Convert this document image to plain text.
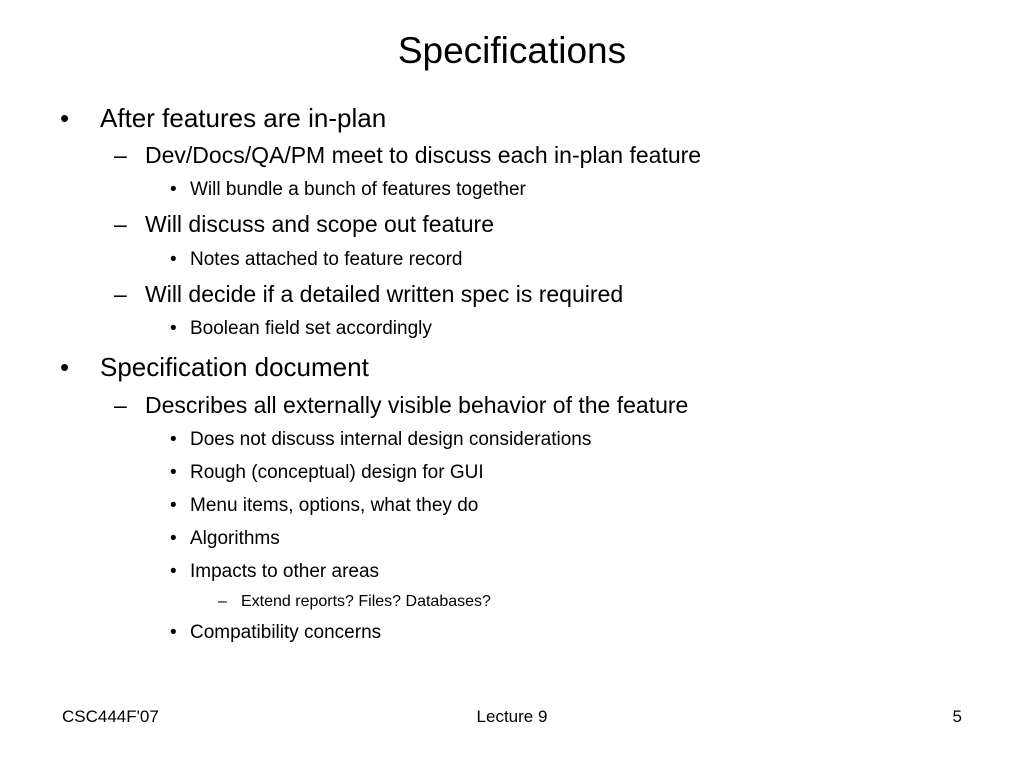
Specifications
• After features are in-plan
– Dev/Docs/QA/PM meet to discuss each in-plan feature
• Will bundle a bunch of features together
– Will discuss and scope out feature
• Notes attached to feature record
– Will decide if a detailed written spec is required
• Boolean field set accordingly
• Specification document
– Describes all externally visible behavior of the feature
• Does not discuss internal design considerations
• Rough (conceptual) design for GUI
• Menu items, options, what they do
• Algorithms
• Impacts to other areas
– Extend reports? Files? Databases?
• Compatibility concerns
CSC444F'07	Lecture 9	5
